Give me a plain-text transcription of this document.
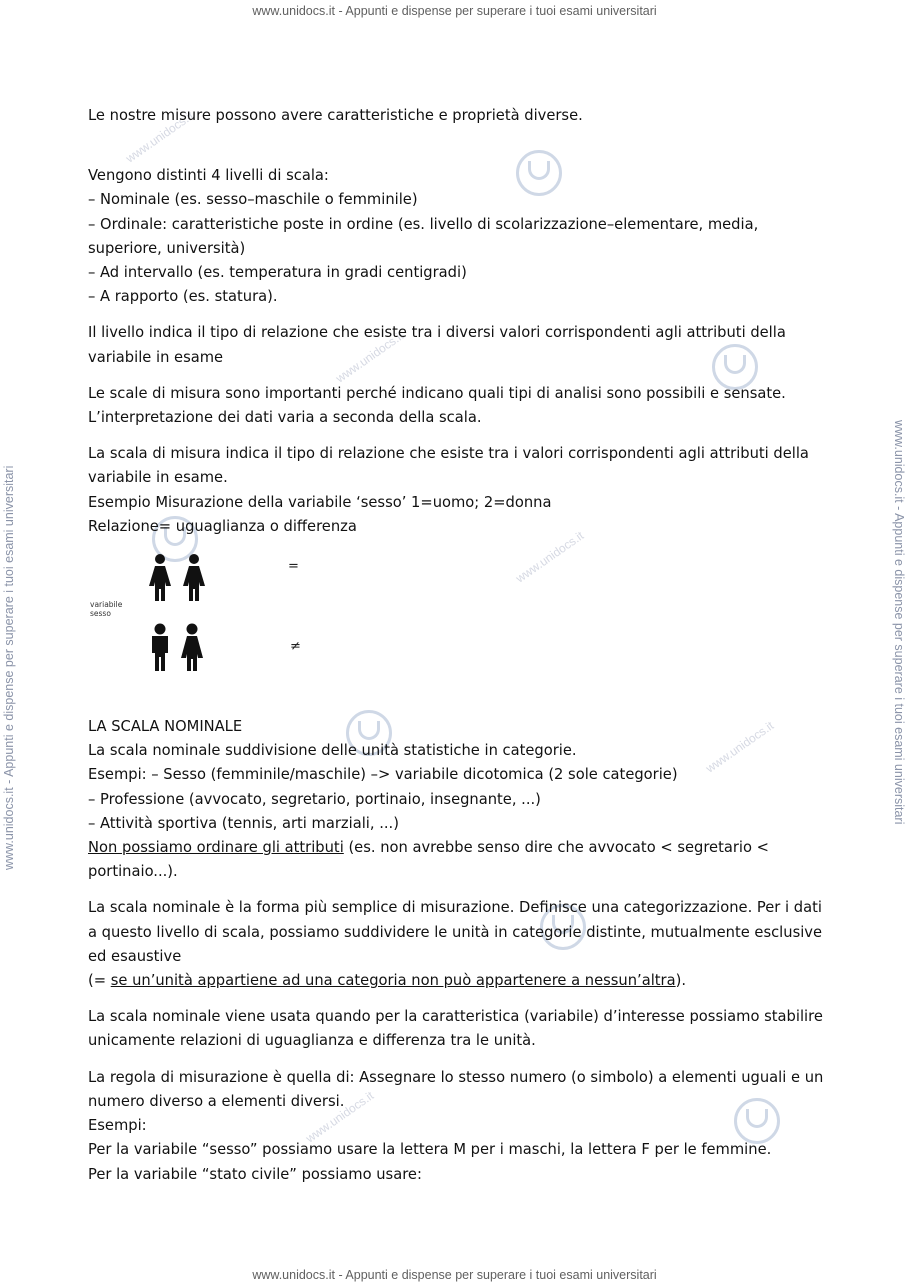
www.unidocs.it - Appunti e dispense per superare i tuoi esami universitari
www.unidocs.it - Appunti e dispense per superare i tuoi esami universitari
www.unidocs.it - Appunti e dispense per superare i tuoi esami universitari	www.unidocs.it - Appunti e dispense per superare i tuoi esami universitari
www.unidocs.it
www.unidocs.it
www.unidocs.it
www.unidocs.it
www.unidocs.it

Le nostre misure possono avere caratteristiche e proprietà diverse.

Vengono distinti 4 livelli di scala:

– Nominale (es. sesso–maschile o femminile)

– Ordinale: caratteristiche poste in ordine (es. livello di scolarizzazione–elementare, media, superiore, università)

– Ad intervallo (es. temperatura in gradi centigradi)

– A rapporto (es. statura).

Il livello indica il tipo di relazione che esiste tra i diversi valori corrispondenti agli attributi della variabile in esame

Le scale di misura sono importanti perché indicano quali tipi di analisi sono possibili e sensate.

L’interpretazione dei dati varia a seconda della scala.

La scala di misura indica il tipo di relazione che esiste tra i valori corrispondenti agli attributi della variabile in esame.

Esempio Misurazione della variabile ‘sesso’ 1=uomo; 2=donna

Relazione= uguaglianza o differenza

variabile
sesso
=
≠

LA SCALA NOMINALE

La scala nominale suddivisione delle unità statistiche in categorie.

Esempi: – Sesso (femminile/maschile) –> variabile dicotomica (2 sole categorie)

– Professione (avvocato, segretario, portinaio, insegnante, ...)

– Attività sportiva (tennis, arti marziali, ...)

Non possiamo ordinare gli attributi (es. non avrebbe senso dire che avvocato < segretario < portinaio...).

La scala nominale è la forma più semplice di misurazione. Definisce una categorizzazione. Per i dati a questo livello di scala, possiamo suddividere le unità in categorie distinte, mutualmente esclusive ed esaustive

(= se un’unità appartiene ad una categoria non può appartenere a nessun’altra).

La scala nominale viene usata quando per la caratteristica (variabile) d’interesse possiamo stabilire unicamente relazioni di uguaglianza e differenza tra le unità.

La regola di misurazione è quella di: Assegnare lo stesso numero (o simbolo) a elementi uguali e un numero diverso a elementi diversi.

Esempi:

Per la variabile “sesso” possiamo usare la lettera M per i maschi, la lettera F per le femmine.

Per la variabile “stato civile” possiamo usare:
